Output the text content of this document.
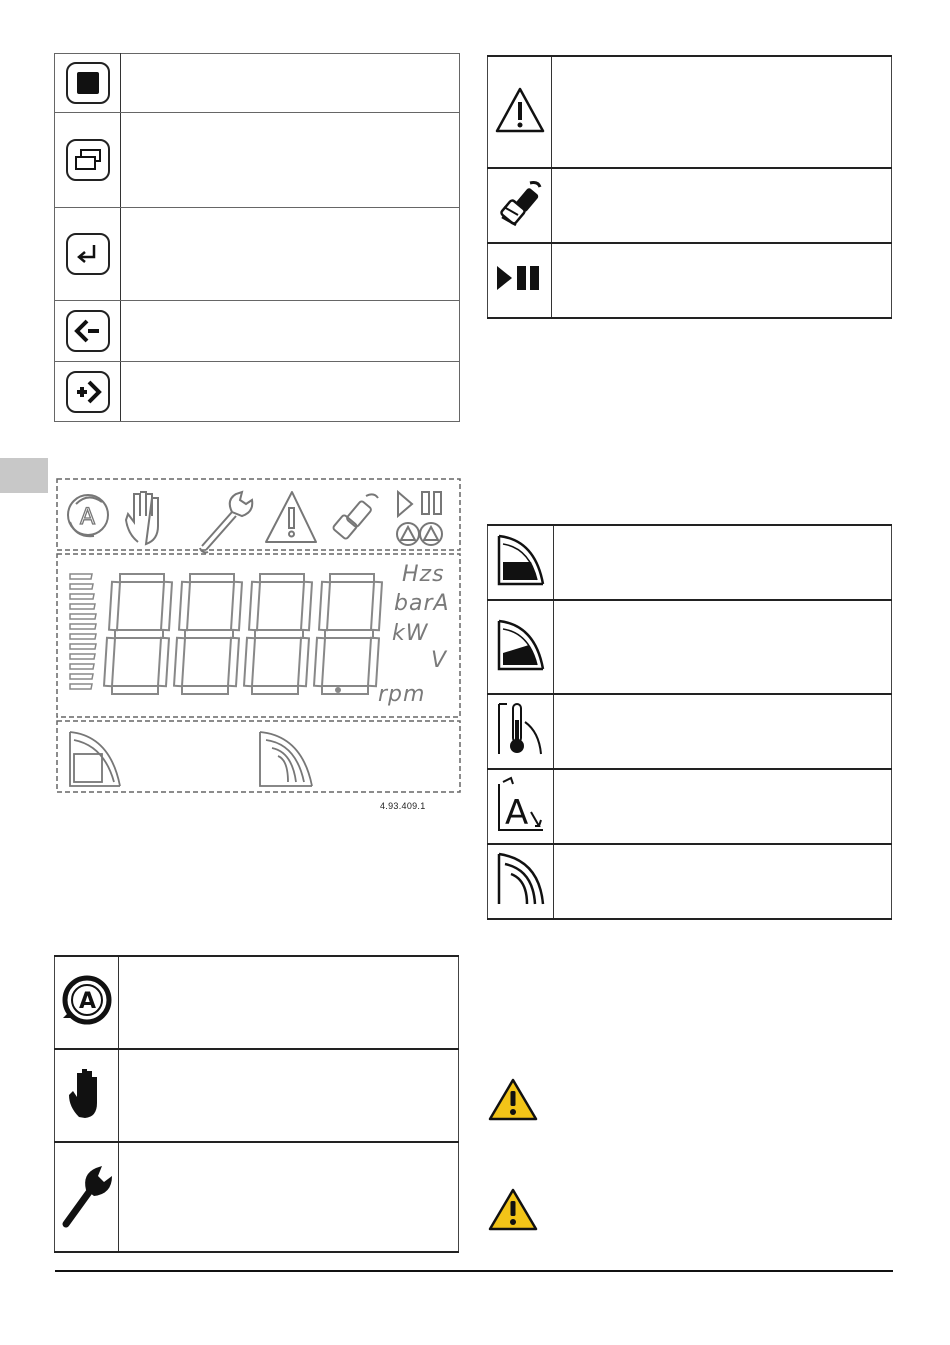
A
Hzs
barA
kW
V
rpm
4.93.409.1
A	

A	
